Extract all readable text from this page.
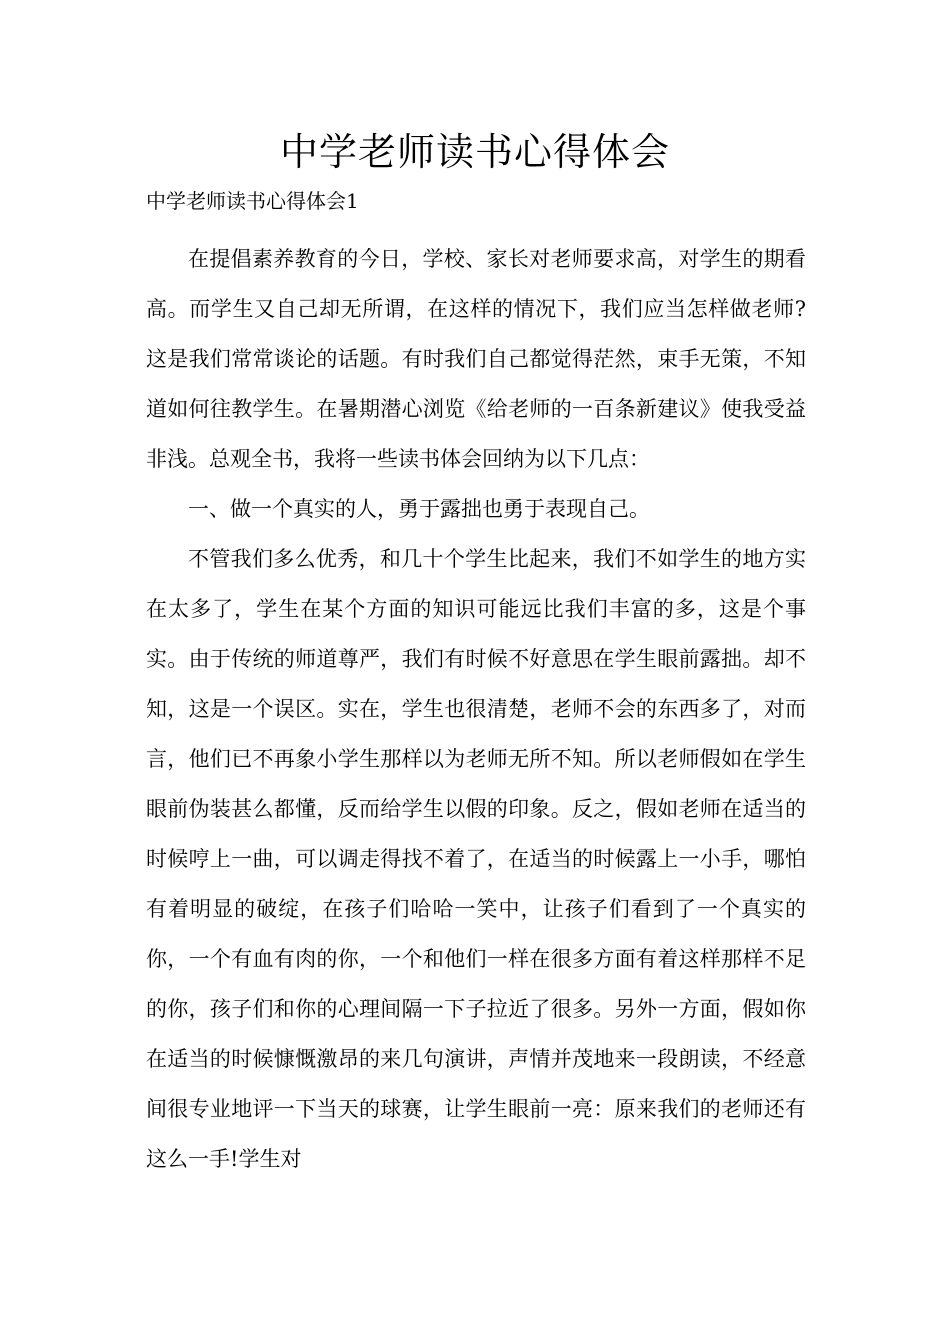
中学老师读书心得体会
中学老师读书心得体会1

在提倡素养教育的今日，学校、家长对老师要求高，对学生的期看高。而学生又自己却无所谓，在这样的情况下，我们应当怎样做老师?这是我们常常谈论的话题。有时我们自己都觉得茫然，束手无策，不知道如何往教学生。在暑期潜心浏览《给老师的一百条新建议》使我受益非浅。总观全书，我将一些读书体会回纳为以下几点：

一、做一个真实的人，勇于露拙也勇于表现自己。

不管我们多么优秀，和几十个学生比起来，我们不如学生的地方实在太多了，学生在某个方面的知识可能远比我们丰富的多，这是个事实。由于传统的师道尊严，我们有时候不好意思在学生眼前露拙。却不知，这是一个误区。实在，学生也很清楚，老师不会的东西多了，对而言，他们已不再象小学生那样以为老师无所不知。所以老师假如在学生眼前伪装甚么都懂，反而给学生以假的印象。反之，假如老师在适当的时候哼上一曲，可以调走得找不着了，在适当的时候露上一小手，哪怕有着明显的破绽，在孩子们哈哈一笑中，让孩子们看到了一个真实的你，一个有血有肉的你，一个和他们一样在很多方面有着这样那样不足的你，孩子们和你的心理间隔一下子拉近了很多。另外一方面，假如你在适当的时候慷慨激昂的来几句演讲，声情并茂地来一段朗读，不经意间很专业地评一下当天的球赛，让学生眼前一亮：原来我们的老师还有这么一手!学生对
